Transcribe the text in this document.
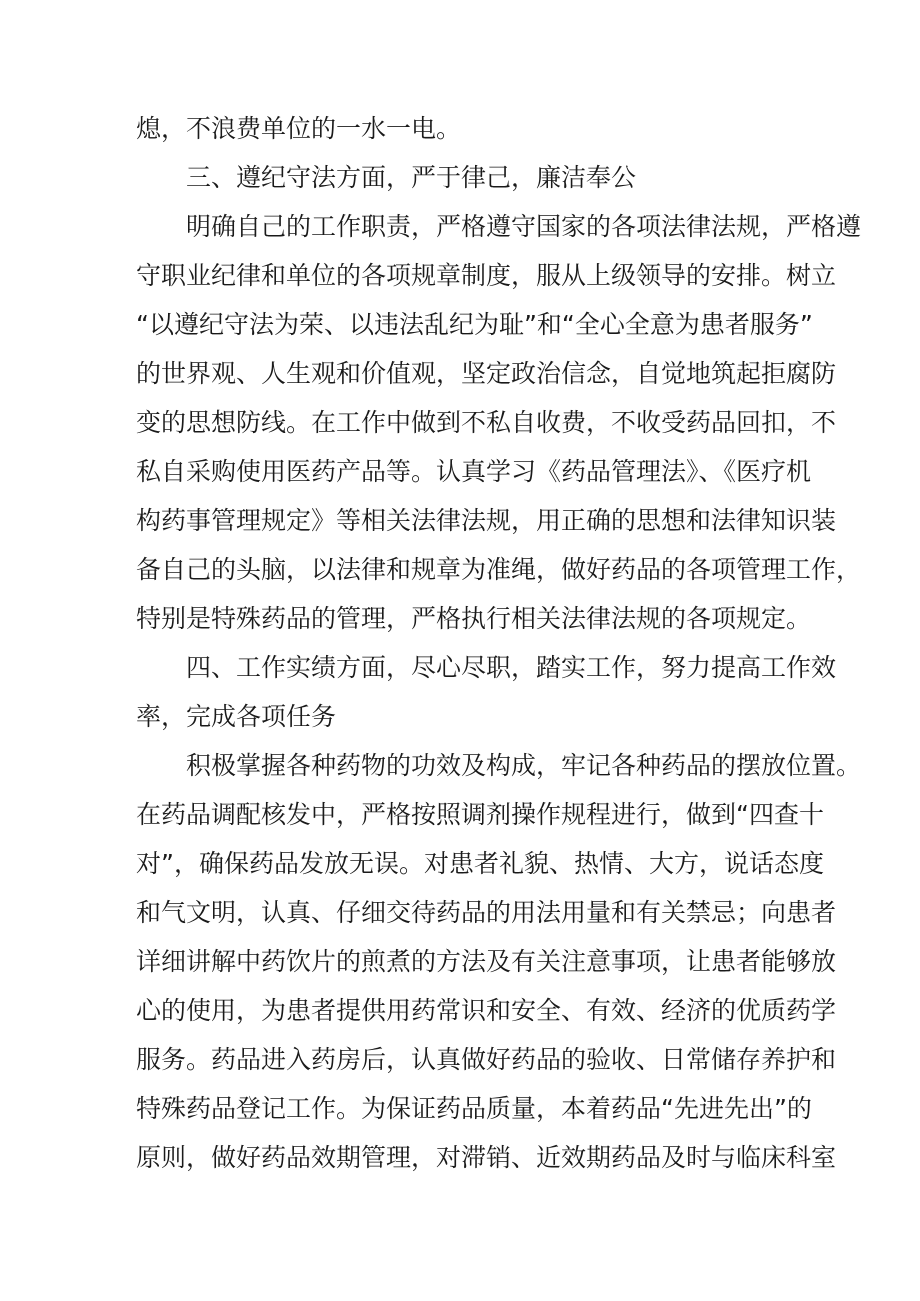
熄，不浪费单位的一水一电。
三、遵纪守法方面，严于律己，廉洁奉公
明确自己的工作职责，严格遵守国家的各项法律法规，严格遵
守职业纪律和单位的各项规章制度，服从上级领导的安排。树立
“以遵纪守法为荣、以违法乱纪为耻”和“全心全意为患者服务”
的世界观、人生观和价值观，坚定政治信念，自觉地筑起拒腐防
变的思想防线。在工作中做到不私自收费，不收受药品回扣，不
私自采购使用医药产品等。认真学习《药品管理法》、《医疗机
构药事管理规定》等相关法律法规，用正确的思想和法律知识装
备自己的头脑，以法律和规章为准绳，做好药品的各项管理工作，
特别是特殊药品的管理，严格执行相关法律法规的各项规定。
四、工作实绩方面，尽心尽职，踏实工作，努力提高工作效
率，完成各项任务
积极掌握各种药物的功效及构成，牢记各种药品的摆放位置。
在药品调配核发中，严格按照调剂操作规程进行，做到“四查十
对”，确保药品发放无误。对患者礼貌、热情、大方，说话态度
和气文明，认真、仔细交待药品的用法用量和有关禁忌；向患者
详细讲解中药饮片的煎煮的方法及有关注意事项，让患者能够放
心的使用，为患者提供用药常识和安全、有效、经济的优质药学
服务。药品进入药房后，认真做好药品的验收、日常储存养护和
特殊药品登记工作。为保证药品质量，本着药品“先进先出”的
原则，做好药品效期管理，对滞销、近效期药品及时与临床科室
